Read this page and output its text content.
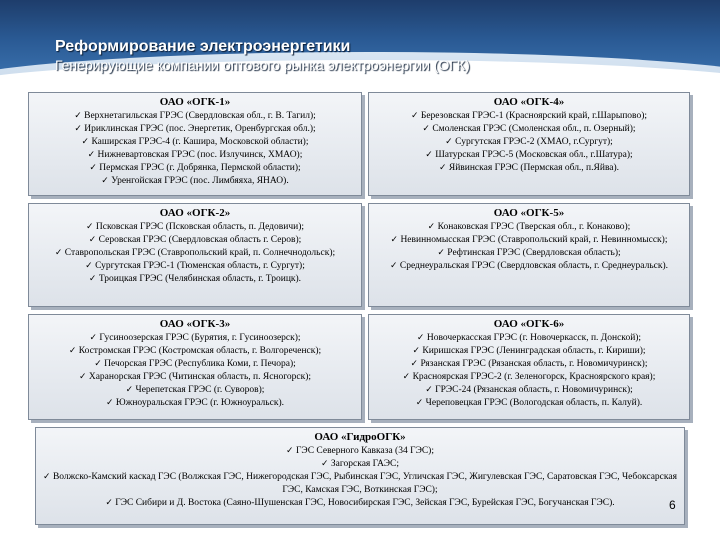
Реформирование электроэнергетики
Генерирующие компании оптового рынка электроэнергии (ОГК)
ОАО «ОГК-1»
✓ Верхнетагильская ГРЭС (Свердловская обл., г. В. Тагил);
✓ Ириклинская ГРЭС (пос. Энергетик, Оренбургская обл.);
✓ Каширская ГРЭС-4 (г. Кашира, Московской области);
✓ Нижневартовская ГРЭС (пос. Излучинск, ХМАО);
✓ Пермская ГРЭС (г. Добрянка, Пермской области);
✓ Уренгойская ГРЭС (пос. Лимбяяха, ЯНАО).
ОАО «ОГК-4»
✓ Березовская ГРЭС-1 (Красноярский край, г.Шарыпово);
✓ Смоленская ГРЭС (Смоленская обл., п. Озерный);
✓ Сургутская ГРЭС-2 (ХМАО, г.Сургут);
✓ Шатурская ГРЭС-5 (Московская обл., г.Шатура);
✓ Яйвинская ГРЭС (Пермская обл., п.Яйва).
ОАО «ОГК-2»
✓ Псковская ГРЭС (Псковская область, п. Дедовичи);
✓ Серовская ГРЭС (Свердловская область г. Серов);
✓ Ставропольская ГРЭС (Ставропольский край, п. Солнечнодольск);
✓ Сургутская ГРЭС-1 (Тюменская область, г. Сургут);
✓ Троицкая ГРЭС (Челябинская область, г. Троицк).
ОАО «ОГК-5»
✓ Конаковская ГРЭС (Тверская обл., г. Конаково);
✓ Невинномысская ГРЭС (Ставропольский край, г. Невинномысск);
✓ Рефтинская ГРЭС (Свердловская область);
✓ Среднеуральская ГРЭС (Свердловская область, г. Среднеуральск).
ОАО «ОГК-3»
✓ Гусиноозерская ГРЭС (Бурятия, г. Гусиноозерск);
✓ Костромская ГРЭС (Костромская область, г. Волгореченск);
✓ Печорская ГРЭС (Республика Коми, г. Печора);
✓ Харанорская ГРЭС (Читинская область, п. Ясногорск);
✓ Черепетская ГРЭС (г. Суворов);
✓ Южноуральская ГРЭС (г. Южноуральск).
ОАО «ОГК-6»
✓ Новочеркасская ГРЭС (г. Новочеркасск, п. Донской);
✓ Киришская ГРЭС (Ленинградская область, г. Кириши);
✓ Рязанская ГРЭС (Рязанская область, г. Новомичуринск);
✓ Красноярская ГРЭС-2 (г. Зеленогорск, Красноярского края);
✓ ГРЭС-24 (Рязанская область, г. Новомичуринск);
✓ Череповецкая ГРЭС (Вологодская область, п. Калуй).
ОАО «ГидроОГК»
✓ ГЭС Северного Кавказа (34 ГЭС);
✓ Загорская ГАЭС;
✓ Волжско-Камский каскад ГЭС (Волжская ГЭС, Нижегородская ГЭС, Рыбинская ГЭС, Угличская ГЭС, Жигулевская ГЭС, Саратовская ГЭС, Чебоксарская ГЭС, Камская ГЭС, Воткинская ГЭС);
✓ ГЭС Сибири и Д. Востока (Саяно-Шушенская ГЭС, Новосибирская ГЭС, Зейская ГЭС, Бурейская ГЭС, Богучанская ГЭС).	6
